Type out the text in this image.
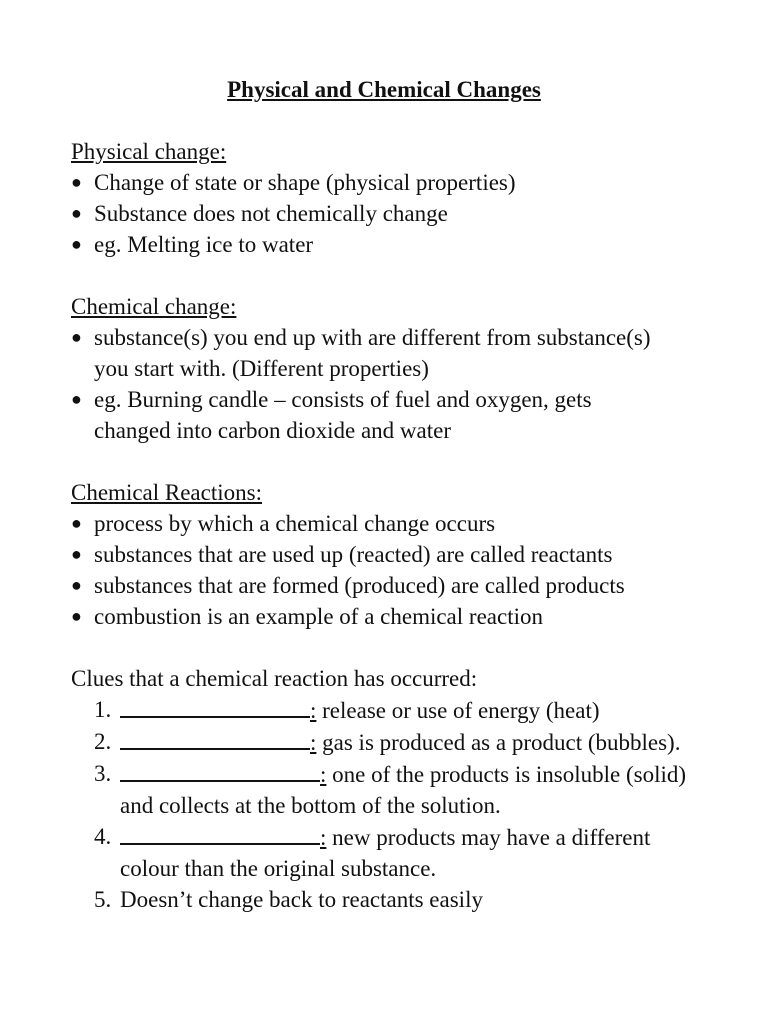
Physical and Chemical Changes
Physical change:
● Change of state or shape (physical properties)
● Substance does not chemically change
● eg. Melting ice to water
Chemical change:
● substance(s) you end up with are different from substance(s) you start with. (Different properties)
● eg. Burning candle – consists of fuel and oxygen, gets changed into carbon dioxide and water
Chemical Reactions:
● process by which a chemical change occurs
● substances that are used up (reacted) are called reactants
● substances that are formed (produced) are called products
● combustion is an example of a chemical reaction
Clues that a chemical reaction has occurred:
1.	: release or use of energy (heat)
2.	: gas is produced as a product (bubbles).
3.	: one of the products is insoluble (solid) and collects at the bottom of the solution.
4.	: new products may have a different colour than the original substance.
5. Doesn’t change back to reactants easily
